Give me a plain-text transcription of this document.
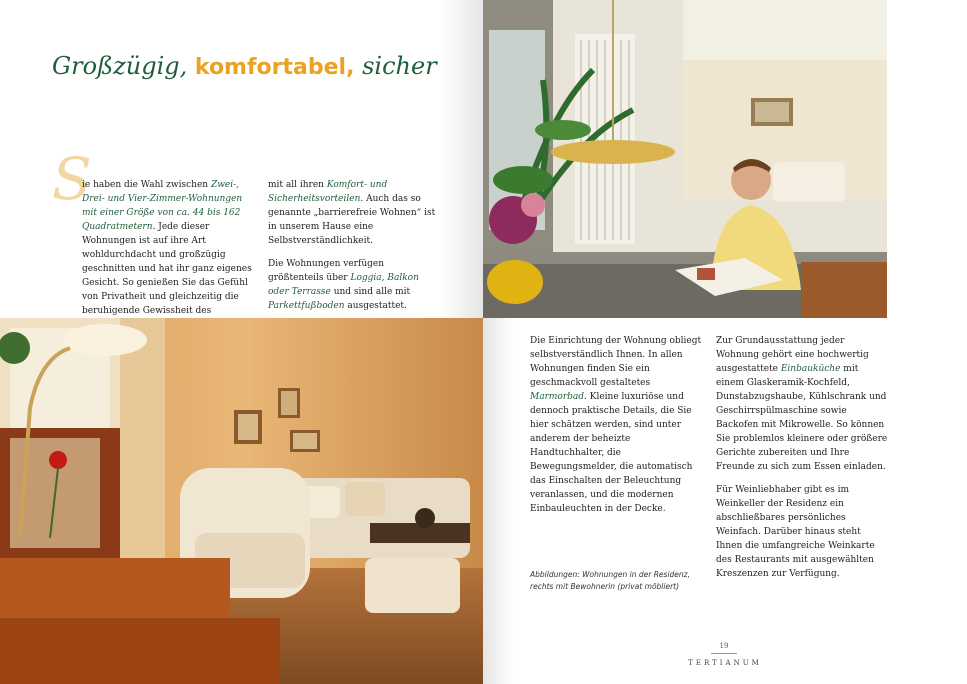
Großzügig, komfortabel, sicher
S

ie haben die Wahl zwischen Zwei-, Drei- und Vier-Zimmer-Wohnungen mit einer Größe von ca. 44 bis 162 Quadratmetern. Jede dieser Wohnungen ist auf ihre Art wohldurchdacht und großzügig geschnitten und hat ihr ganz eigenes Gesicht. So genießen Sie das Gefühl von Privatheit und gleichzeitig die beruhigende Gewissheit des

mit all ihren Komfort- und Sicherheitsvorteilen. Auch das so genannte „barrierefreie Wohnen“ ist in unserem Hause eine Selbstverständlichkeit.

Die Wohnungen verfügen größtenteils über Loggia, Balkon oder Terrasse und sind alle mit Parkettfußboden ausgestattet.

Die Einrichtung der Wohnung obliegt selbstverständlich Ihnen. In allen Wohnungen finden Sie ein geschmackvoll gestaltetes Marmorbad. Kleine luxuriöse und dennoch praktische Details, die Sie hier schätzen werden, sind unter anderem der beheizte Handtuchhalter, die Bewegungsmelder, die automatisch das Einschalten der Beleuchtung veranlassen, und die modernen Einbauleuchten in der Decke.

Zur Grundausstattung jeder Wohnung gehört eine hochwertig ausgestattete Einbauküche mit einem Glaskeramik-Kochfeld, Dunstabzugshaube, Kühlschrank und Geschirrspülmaschine sowie Backofen mit Mikrowelle. So können Sie problemlos kleinere oder größere Gerichte zubereiten und Ihre Freunde zu sich zum Essen einladen.

Für Weinliebhaber gibt es im Weinkeller der Residenz ein abschließbares persönliches Weinfach. Darüber hinaus steht Ihnen die umfangreiche Weinkarte des Restaurants mit ausgewählten Kreszenzen zur Verfügung.

Abbildungen: Wohnungen in der Residenz,
rechts mit Bewohnerin (privat möbliert)
19
TERTIANUM
